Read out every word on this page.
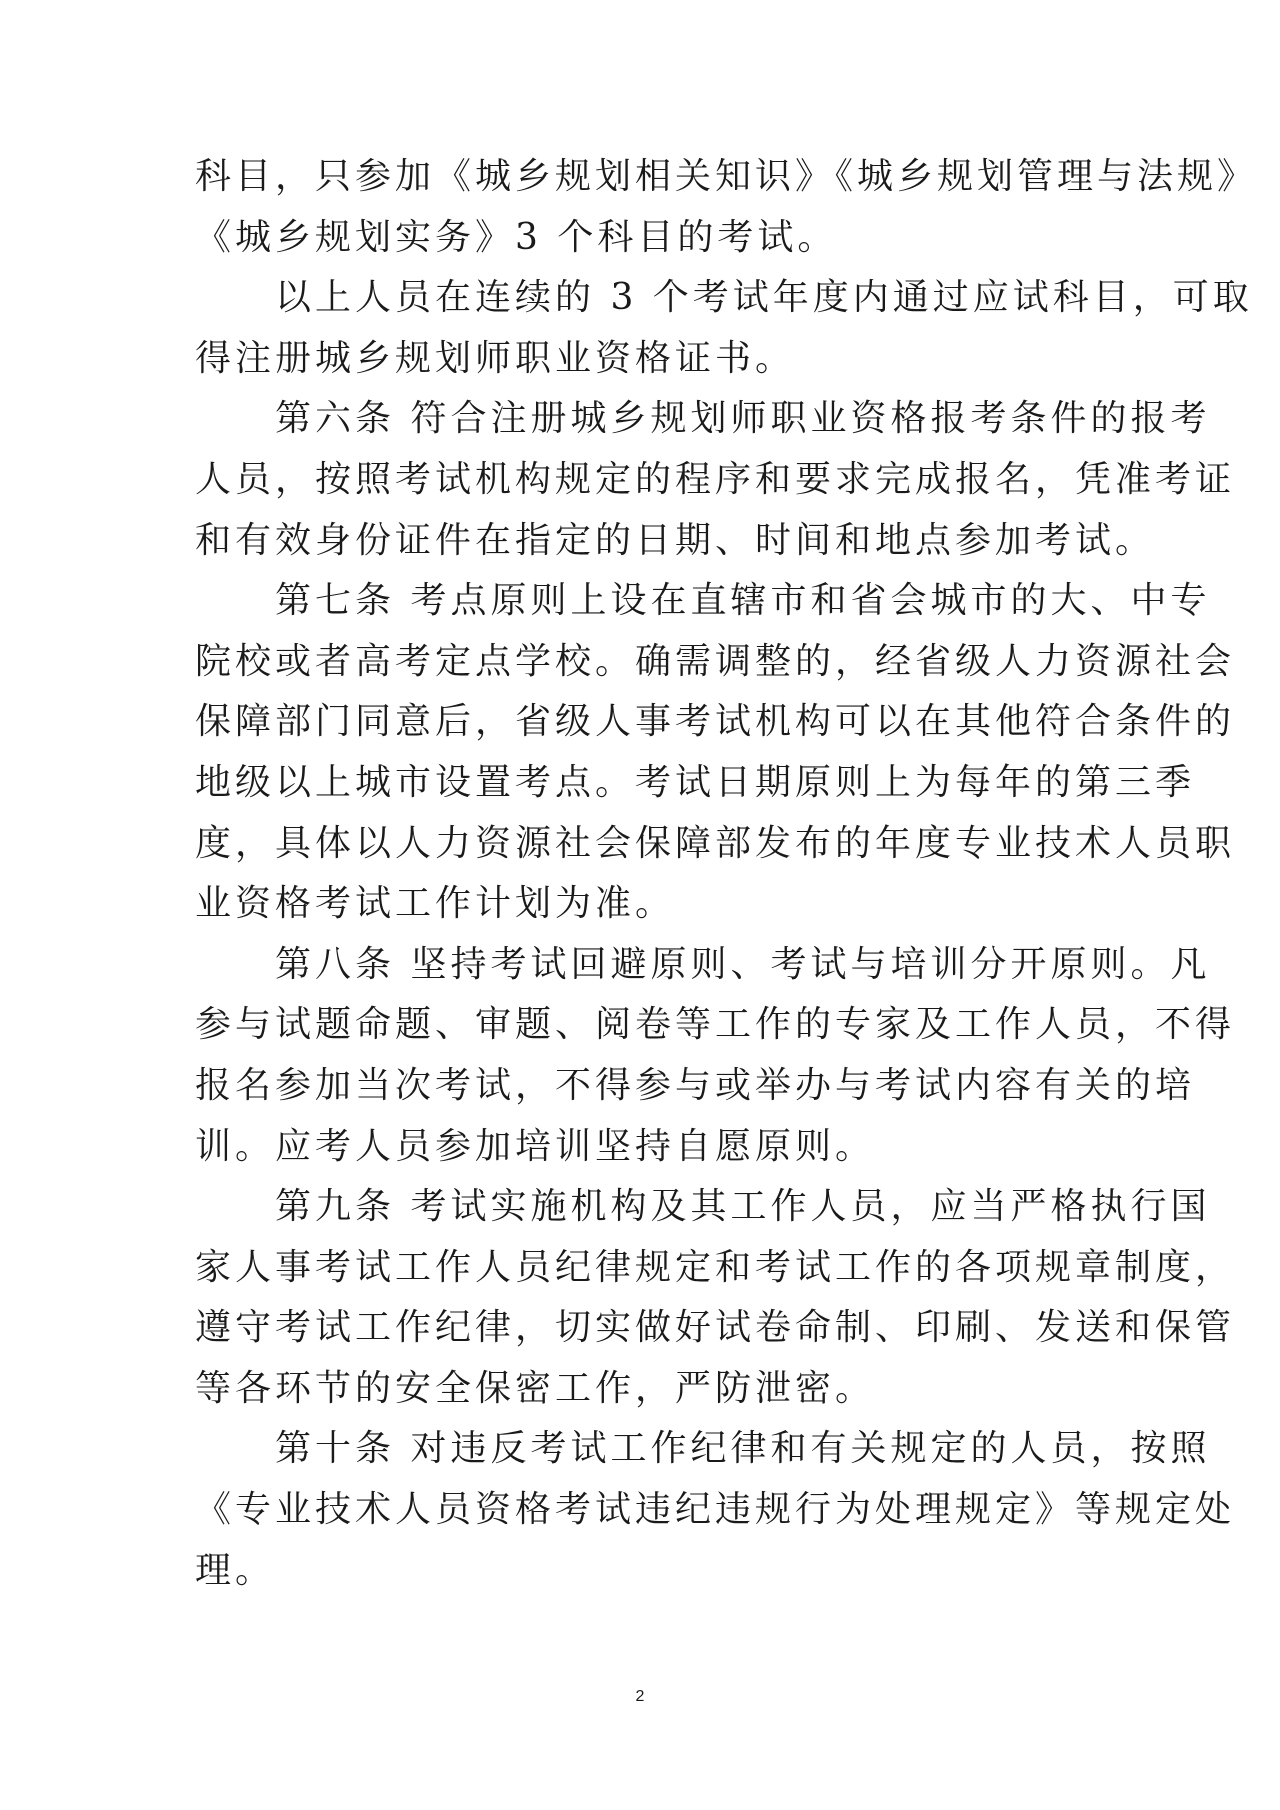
科目，只参加《城乡规划相关知识》《城乡规划管理与法规》
《城乡规划实务》3 个科目的考试。
　　以上人员在连续的 3 个考试年度内通过应试科目，可取
得注册城乡规划师职业资格证书。
　　第六条 符合注册城乡规划师职业资格报考条件的报考
人员，按照考试机构规定的程序和要求完成报名，凭准考证
和有效身份证件在指定的日期、时间和地点参加考试。
　　第七条 考点原则上设在直辖市和省会城市的大、中专
院校或者高考定点学校。确需调整的，经省级人力资源社会
保障部门同意后，省级人事考试机构可以在其他符合条件的
地级以上城市设置考点。考试日期原则上为每年的第三季
度，具体以人力资源社会保障部发布的年度专业技术人员职
业资格考试工作计划为准。
　　第八条 坚持考试回避原则、考试与培训分开原则。凡
参与试题命题、审题、阅卷等工作的专家及工作人员，不得
报名参加当次考试，不得参与或举办与考试内容有关的培
训。应考人员参加培训坚持自愿原则。
　　第九条 考试实施机构及其工作人员，应当严格执行国
家人事考试工作人员纪律规定和考试工作的各项规章制度，
遵守考试工作纪律，切实做好试卷命制、印刷、发送和保管
等各环节的安全保密工作，严防泄密。
　　第十条 对违反考试工作纪律和有关规定的人员，按照
《专业技术人员资格考试违纪违规行为处理规定》等规定处
理。
2
